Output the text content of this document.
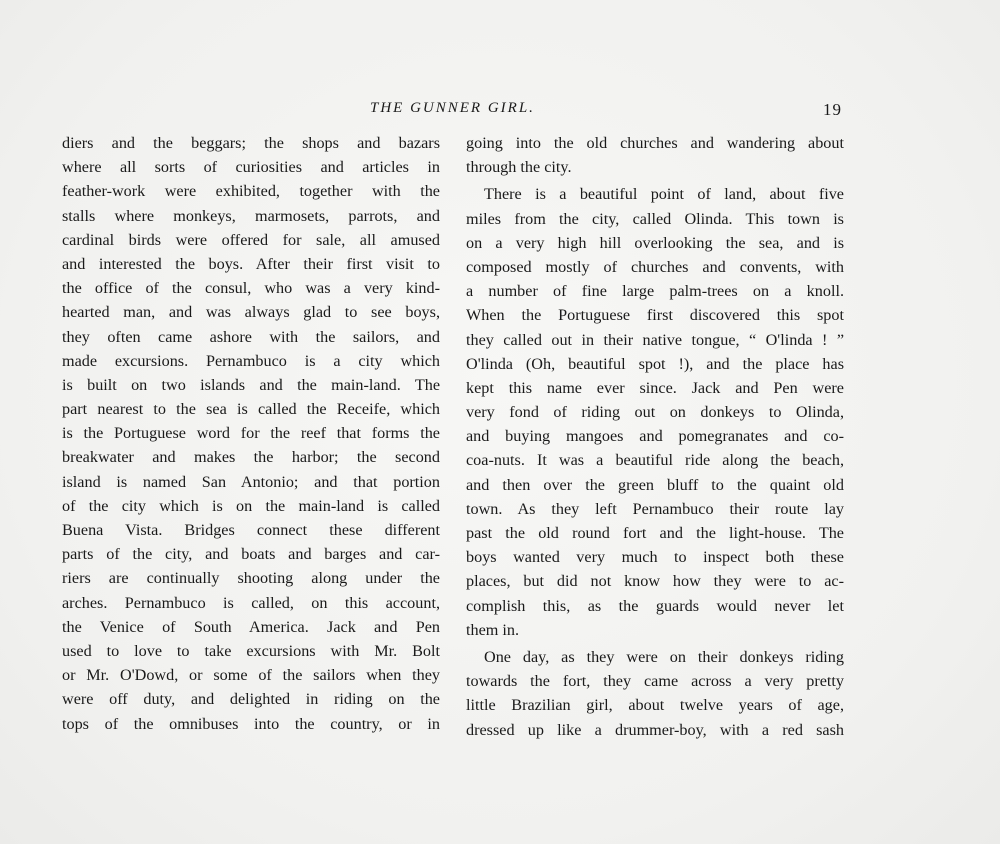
THE GUNNER GIRL.	19
diers and the beggars; the shops and bazars
where all sorts of curiosities and articles in
feather-work were exhibited, together with the
stalls where monkeys, marmosets, parrots, and
cardinal birds were offered for sale, all amused
and interested the boys. After their first visit to
the office of the consul, who was a very kind-
hearted man, and was always glad to see boys,
they often came ashore with the sailors, and
made excursions. Pernambuco is a city which
is built on two islands and the main-land. The
part nearest to the sea is called the Receife, which
is the Portuguese word for the reef that forms the
breakwater and makes the harbor; the second
island is named San Antonio; and that portion
of the city which is on the main-land is called
Buena Vista. Bridges connect these different
parts of the city, and boats and barges and car-
riers are continually shooting along under the
arches. Pernambuco is called, on this account,
the Venice of South America. Jack and Pen
used to love to take excursions with Mr. Bolt
or Mr. O'Dowd, or some of the sailors when they
were off duty, and delighted in riding on the
tops of the omnibuses into the country, or in
going into the old churches and wandering about
through the city.
There is a beautiful point of land, about five
miles from the city, called Olinda. This town is
on a very high hill overlooking the sea, and is
composed mostly of churches and convents, with
a number of fine large palm-trees on a knoll.
When the Portuguese first discovered this spot
they called out in their native tongue, “ O'linda ! ”
O'linda (Oh, beautiful spot !), and the place has
kept this name ever since. Jack and Pen were
very fond of riding out on donkeys to Olinda,
and buying mangoes and pomegranates and co-
coa-nuts. It was a beautiful ride along the beach,
and then over the green bluff to the quaint old
town. As they left Pernambuco their route lay
past the old round fort and the light-house. The
boys wanted very much to inspect both these
places, but did not know how they were to ac-
complish this, as the guards would never let
them in.
One day, as they were on their donkeys riding
towards the fort, they came across a very pretty
little Brazilian girl, about twelve years of age,
dressed up like a drummer-boy, with a red sash
